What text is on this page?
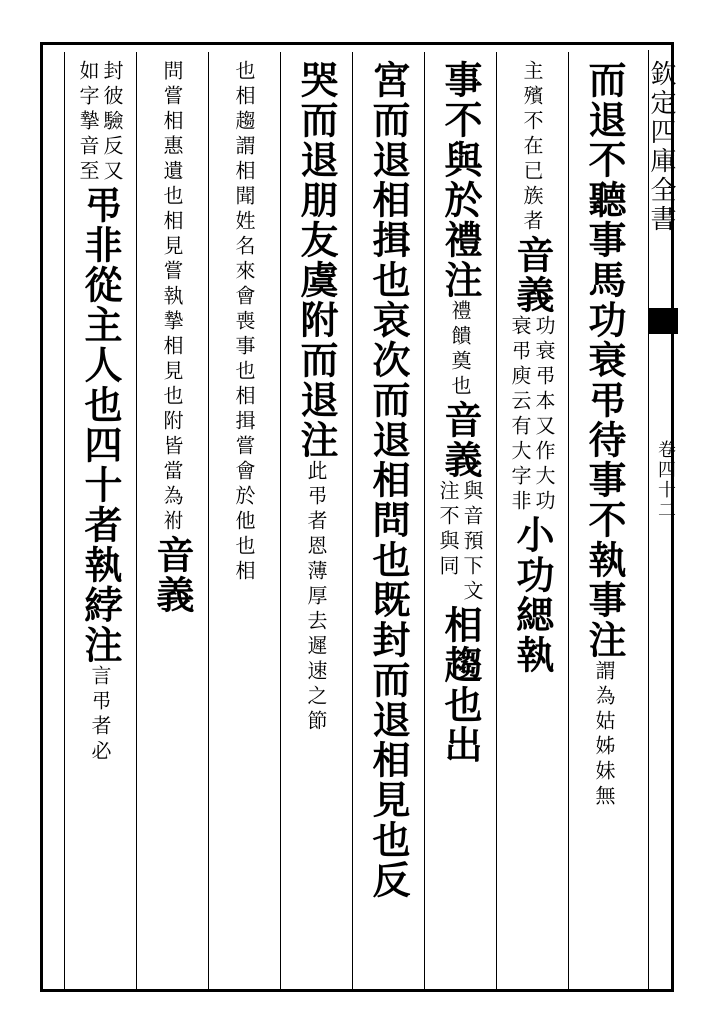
欽定四庫全書
卷四十二
而退不聽事馬功衰弔待事不執事注
謂為姑姊妹無
主殯不在已族者
音義
功衰弔本又作大功
衰弔庾云有大字非
小功緦執
事不與於禮注
禮饋奠也
音義
與音預下文
注不與同
相趨也出
宮而退相揖也哀次而退相問也既封而退相見也反
哭而退朋友虞附而退注
此弔者恩薄厚去遲速之節
也相趨謂相聞姓名來會喪事也相揖嘗會於他也相
問嘗相惠遺也相見嘗執摯相見也附皆當為祔
音義
封彼驗反又
如字摯音至
弔非從主人也四十者執綍注
言弔者必
